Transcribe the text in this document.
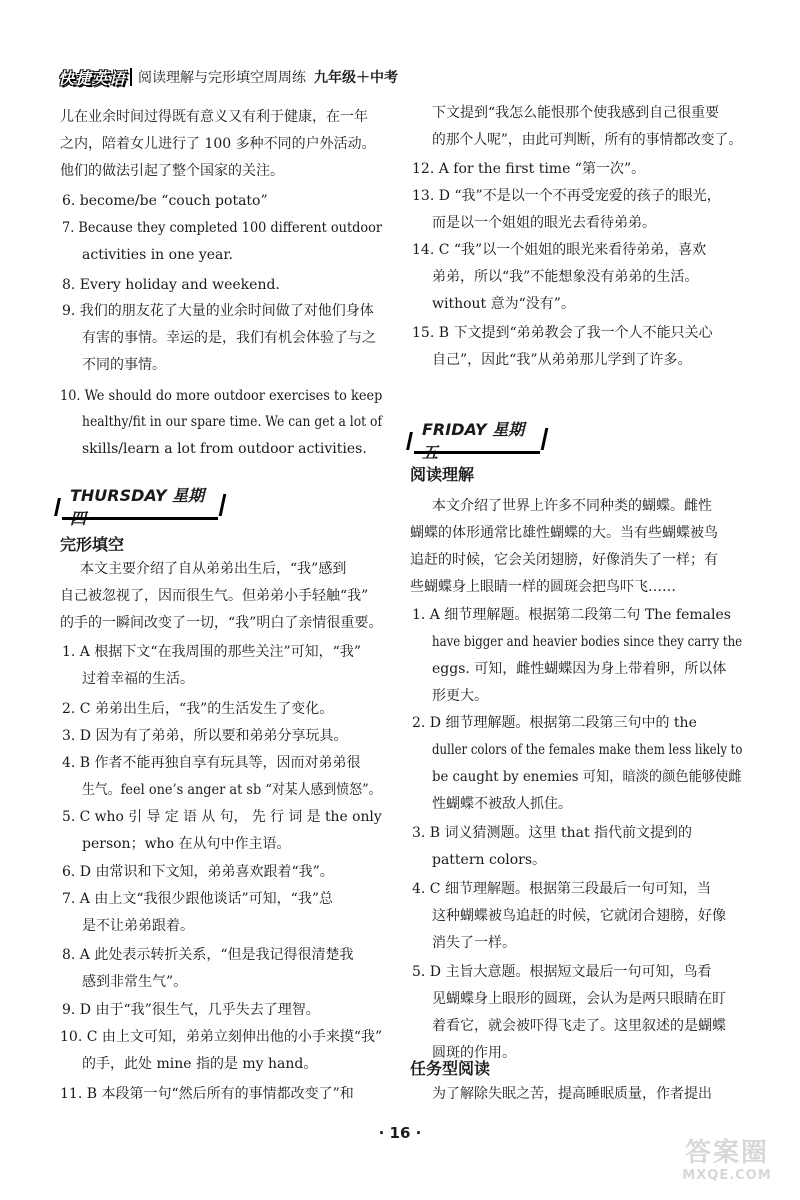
快捷英语 阅读理解与完形填空周周练 九年级＋中考
儿在业余时间过得既有意义又有利于健康，在一年
之内，陪着女儿进行了 100 多种不同的户外活动。
他们的做法引起了整个国家的关注。
6. become/be “couch potato”
7. Because they completed 100 different outdoor
activities in one year.
8. Every holiday and weekend.
9. 我们的朋友花了大量的业余时间做了对他们身体
有害的事情。幸运的是，我们有机会体验了与之
不同的事情。
10. We should do more outdoor exercises to keep
healthy/fit in our spare time. We can get a lot of
skills/learn a lot from outdoor activities.
本文主要介绍了自从弟弟出生后，“我”感到
自己被忽视了，因而很生气。但弟弟小手轻触“我”
的手的一瞬间改变了一切，“我”明白了亲情很重要。
1. A 根据下文“在我周围的那些关注”可知，“我”
过着幸福的生活。
2. C 弟弟出生后，“我”的生活发生了变化。
3. D 因为有了弟弟，所以要和弟弟分享玩具。
4. B 作者不能再独自享有玩具等，因而对弟弟很
生气。feel one’s anger at sb “对某人感到愤怒”。
5. C who 引 导 定 语 从 句， 先 行 词 是 the only
person；who 在从句中作主语。
6. D 由常识和下文知，弟弟喜欢跟着“我”。
7. A 由上文“我很少跟他谈话”可知，“我”总
是不让弟弟跟着。
8. A 此处表示转折关系，“但是我记得很清楚我
感到非常生气”。
9. D 由于“我”很生气，几乎失去了理智。
10. C 由上文可知，弟弟立刻伸出他的小手来摸“我”
的手，此处 mine 指的是 my hand。
11. B 本段第一句“然后所有的事情都改变了”和
下文提到“我怎么能恨那个使我感到自己很重要
的那个人呢”，由此可判断，所有的事情都改变了。
12. A for the first time “第一次”。
13. D “我”不是以一个不再受宠爱的孩子的眼光，
而是以一个姐姐的眼光去看待弟弟。
14. C “我”以一个姐姐的眼光来看待弟弟，喜欢
弟弟，所以“我”不能想象没有弟弟的生活。
without 意为“没有”。
15. B 下文提到“弟弟教会了我一个人不能只关心
自己”，因此“我”从弟弟那儿学到了许多。
本文介绍了世界上许多不同种类的蝴蝶。雌性
蝴蝶的体形通常比雄性蝴蝶的大。当有些蝴蝶被鸟
追赶的时候，它会关闭翅膀，好像消失了一样；有
些蝴蝶身上眼睛一样的圆斑会把鸟吓飞……
1. A 细节理解题。根据第二段第二句 The females
have bigger and heavier bodies since they carry the
eggs. 可知，雌性蝴蝶因为身上带着卵，所以体
形更大。
2. D 细节理解题。根据第二段第三句中的 the
duller colors of the females make them less likely to
be caught by enemies 可知，暗淡的颜色能够使雌
性蝴蝶不被敌人抓住。
3. B 词义猜测题。这里 that 指代前文提到的
pattern colors。
4. C 细节理解题。根据第三段最后一句可知，当
这种蝴蝶被鸟追赶的时候，它就闭合翅膀，好像
消失了一样。
5. D 主旨大意题。根据短文最后一句可知，鸟看
见蝴蝶身上眼形的圆斑，会认为是两只眼睛在盯
着看它，就会被吓得飞走了。这里叙述的是蝴蝶
圆斑的作用。
为了解除失眠之苦，提高睡眠质量，作者提出
THURSDAY 星期
完形填空
FRIDAY 星期
阅读理解
任务型阅读
· 16 ·
答案圈
MXQE.COM
